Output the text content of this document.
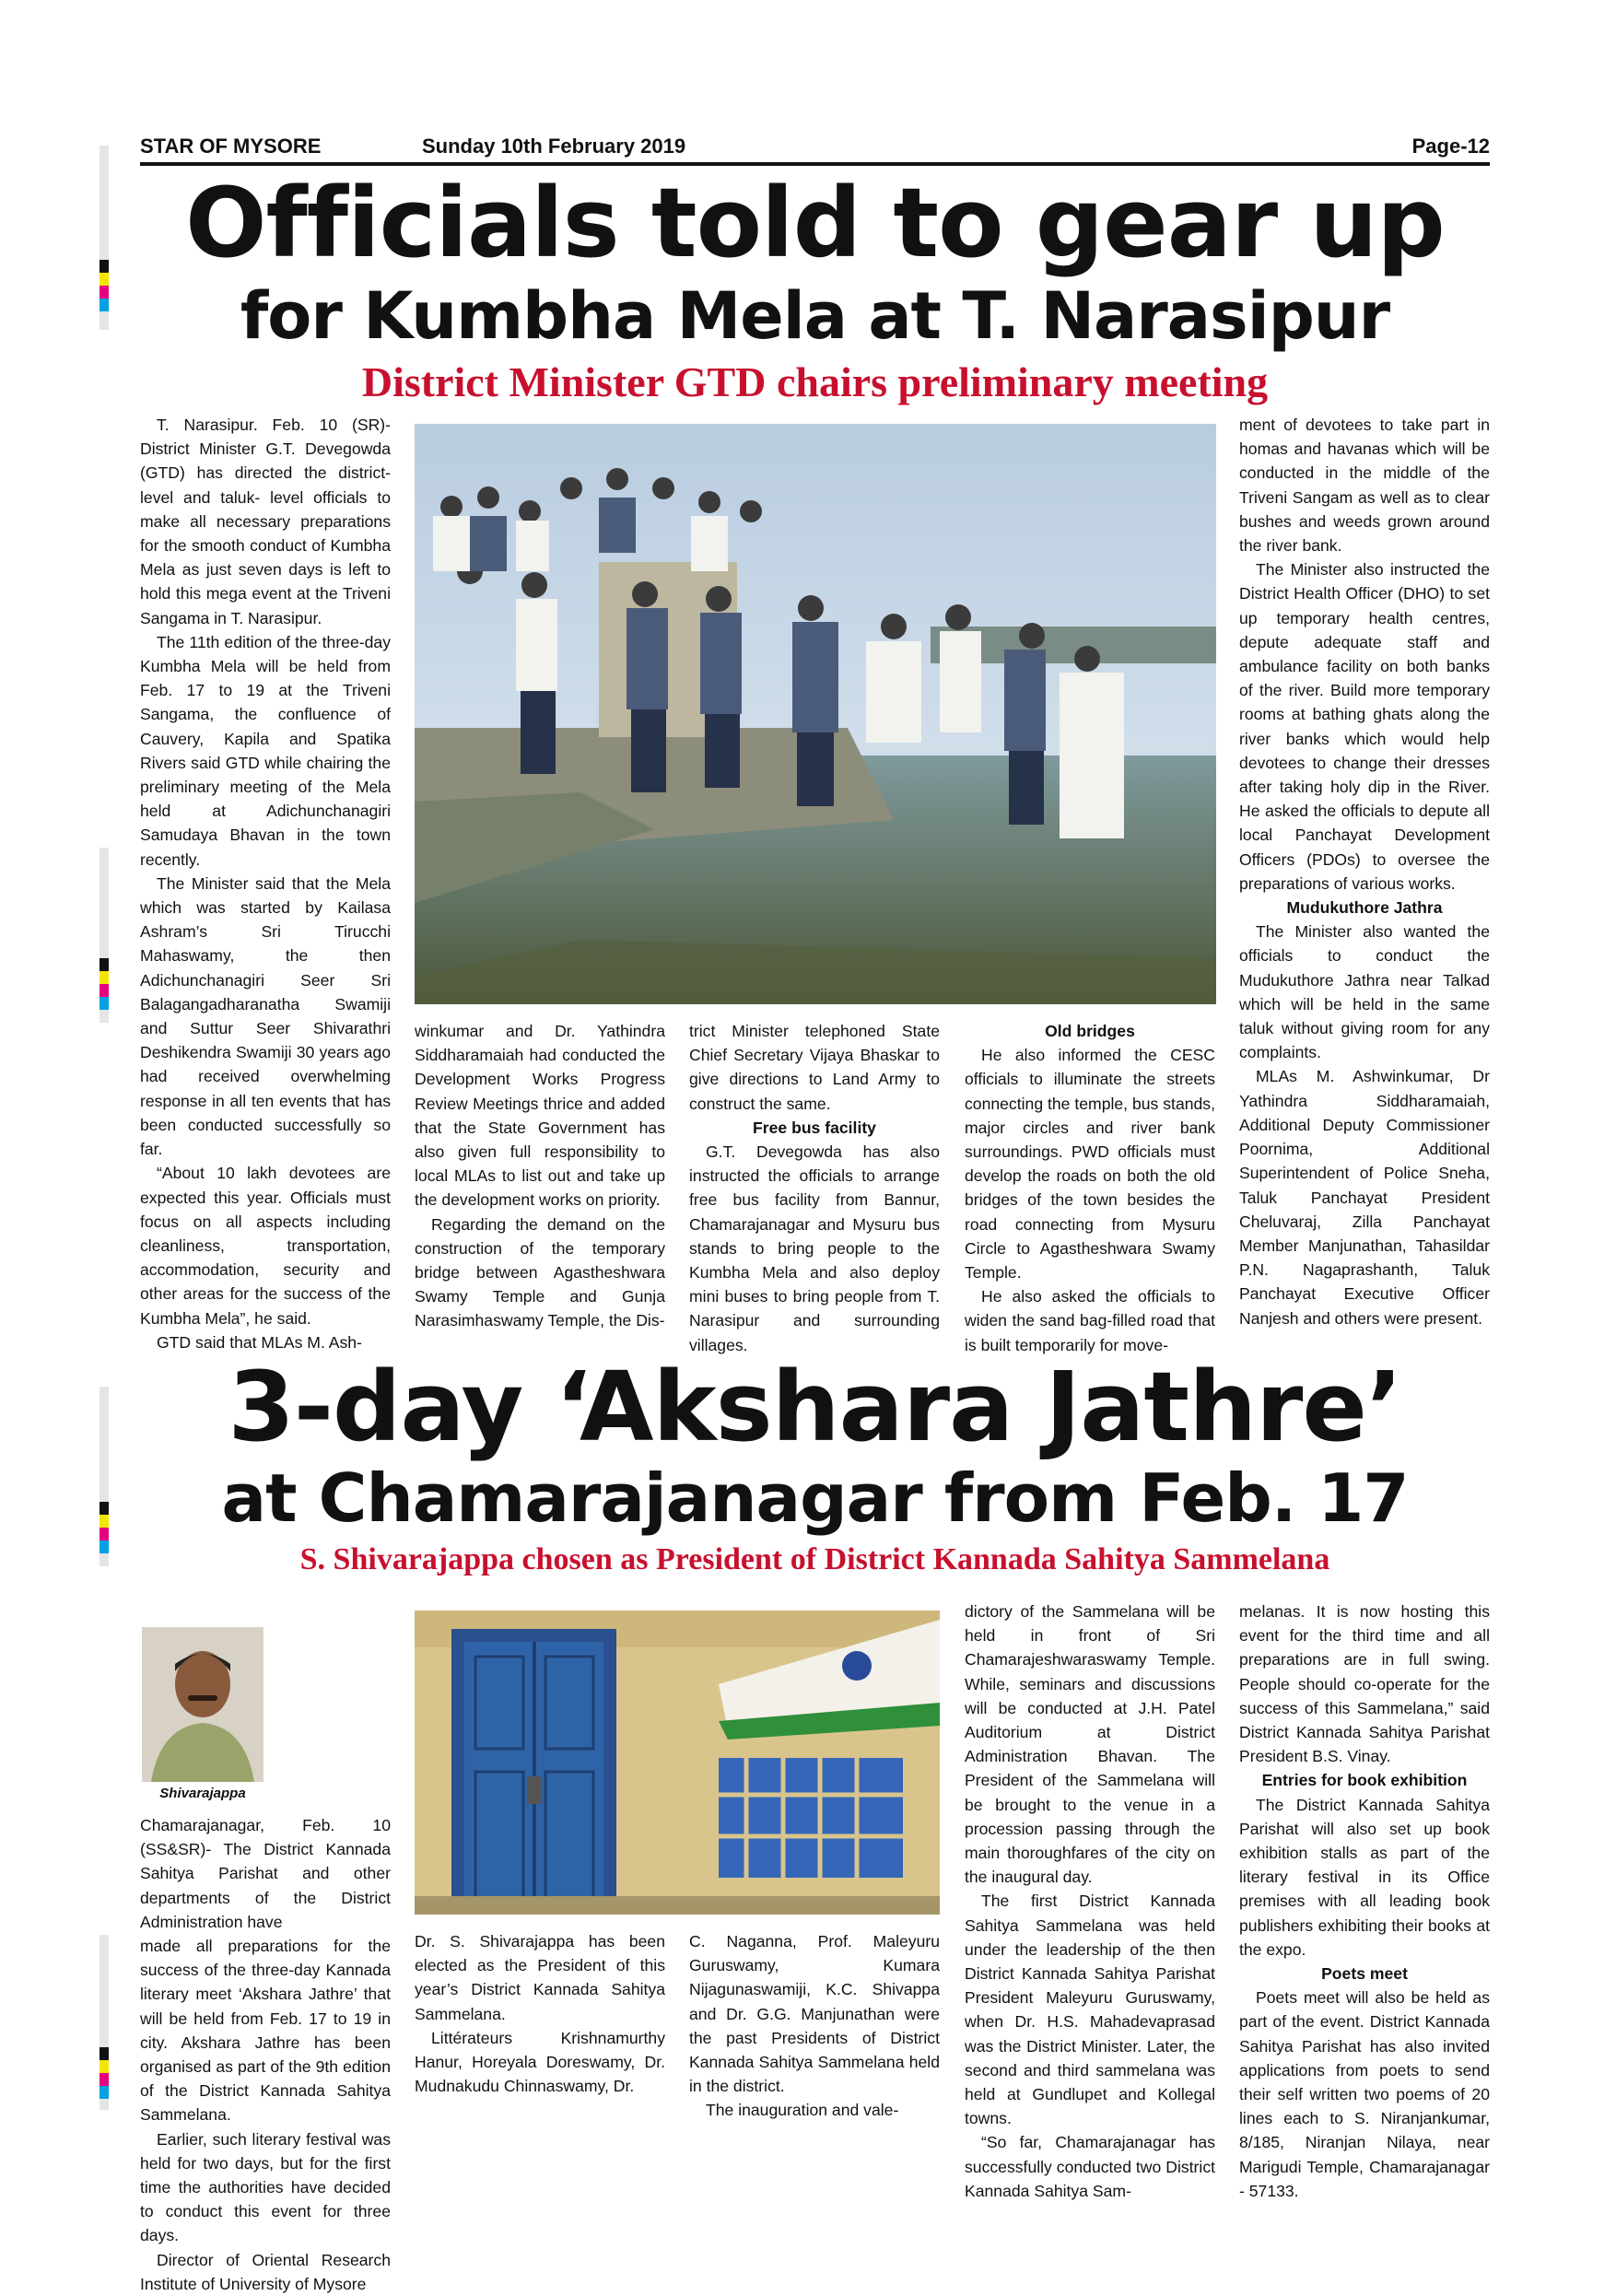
STAR OF MYSORE	Sunday 10th February 2019	Page-12
Officials told to gear up
for Kumbha Mela at T. Narasipur
District Minister GTD chairs preliminary meeting

T. Narasipur. Feb. 10 (SR)- District Minister G.T. Devegowda (GTD) has directed the district-level and taluk- level officials to make all necessary preparations for the smooth conduct of Kumbha Mela as just seven days is left to hold this mega event at the Triveni Sangama in T. Narasipur.

The 11th edition of the three-day Kumbha Mela will be held from Feb. 17 to 19 at the Triveni Sangama, the confluence of Cauvery, Kapila and Spatika Rivers said GTD while chairing the preliminary meeting of the Mela held at Adichunchanagiri Samudaya Bhavan in the town recently.

The Minister said that the Mela which was started by Kailasa Ashram’s Sri Tirucchi Mahaswamy, the then Adichunchanagiri Seer Sri Balagangadharanatha Swamiji and Suttur Seer Shivarathri Deshikendra Swamiji 30 years ago had received overwhelming response in all ten events that has been conducted successfully so far.

“About 10 lakh devotees are expected this year. Officials must focus on all aspects including cleanliness, transportation, accommodation, security and other areas for the success of the Kumbha Mela”, he said.

GTD said that MLAs M. Ash-

winkumar and Dr. Yathindra Siddharamaiah had conducted the Development Works Progress Review Meetings thrice and added that the State Government has also given full responsibility to local MLAs to list out and take up the development works on priority.

Regarding the demand on the construction of the temporary bridge between Agastheshwara Swamy Temple and Gunja Narasimhaswamy Temple, the Dis-

trict Minister telephoned State Chief Secretary Vijaya Bhaskar to give directions to Land Army to construct the same.

Free bus facility

G.T. Devegowda has also instructed the officials to arrange free bus facility from Bannur, Chamarajanagar and Mysuru bus stands to bring people to the Kumbha Mela and also deploy mini buses to bring people from T. Narasipur and surrounding villages.

Old bridges

He also informed the CESC officials to illuminate the streets connecting the temple, bus stands, major circles and river bank surroundings. PWD officials must develop the roads on both the old bridges of the town besides the road connecting from Mysuru Circle to Agastheshwara Swamy Temple.

He also asked the officials to widen the sand bag-filled road that is built temporarily for move-

ment of devotees to take part in homas and havanas which will be conducted in the middle of the Triveni Sangam as well as to clear bushes and weeds grown around the river bank.

The Minister also instructed the District Health Officer (DHO) to set up temporary health centres, depute adequate staff and ambulance facility on both banks of the river. Build more temporary rooms at bathing ghats along the river banks which would help devotees to change their dresses after taking holy dip in the River. He asked the officials to depute all local Panchayat Development Officers (PDOs) to oversee the preparations of various works.

Mudukuthore Jathra

The Minister also wanted the officials to conduct the Mudukuthore Jathra near Talkad which will be held in the same taluk without giving room for any complaints.

MLAs M. Ashwinkumar, Dr Yathindra Siddharamaiah, Additional Deputy Commissioner Poornima, Additional Superintendent of Police Sneha, Taluk Panchayat President Cheluvaraj, Zilla Panchayat Member Manjunathan, Tahasildar P.N. Nagaprashanth, Taluk Panchayat Executive Officer Nanjesh and others were present.

3-day ‘Akshara Jathre’
at Chamarajanagar from Feb. 17
S. Shivarajappa chosen as President of District Kannada Sahitya Sammelana
Shivarajappa

Chamarajanagar, Feb. 10 (SS&SR)- The District Kannada Sahitya Parishat and other departments of the District Administration have

made all preparations for the success of the three-day Kannada literary meet ‘Akshara Jathre’ that will be held from Feb. 17 to 19 in city. Akshara Jathre has been organised as part of the 9th edition of the District Kannada Sahitya Sammelana.

Earlier, such literary festival was held for two days, but for the first time the authorities have decided to conduct this event for three days.

Director of Oriental Research Institute of University of Mysore

Dr. S. Shivarajappa has been elected as the President of this year’s District Kannada Sahitya Sammelana.

Littérateurs Krishnamurthy Hanur, Horeyala Doreswamy, Dr. Mudnakudu Chinnaswamy, Dr.

C. Naganna, Prof. Maleyuru Guruswamy, Kumara Nijagunaswamiji, K.C. Shivappa and Dr. G.G. Manjunathan were the past Presidents of District Kannada Sahitya Sammelana held in the district.

The inauguration and vale-

dictory of the Sammelana will be held in front of Sri Chamarajeshwaraswamy Temple. While, seminars and discussions will be conducted at J.H. Patel Auditorium at District Administration Bhavan. The President of the Sammelana will be brought to the venue in a procession passing through the main thoroughfares of the city on the inaugural day.

The first District Kannada Sahitya Sammelana was held under the leadership of the then District Kannada Sahitya Parishat President Maleyuru Guruswamy, when Dr. H.S. Mahadevaprasad was the District Minister. Later, the second and third sammelana was held at Gundlupet and Kollegal towns.

“So far, Chamarajanagar has successfully conducted two District Kannada Sahitya Sam-

melanas. It is now hosting this event for the third time and all preparations are in full swing. People should co-operate for the success of this Sammelana,” said District Kannada Sahitya Parishat President B.S. Vinay.

Entries for book exhibition

The District Kannada Sahitya Parishat will also set up book exhibition stalls as part of the literary festival in its Office premises with all leading book publishers exhibiting their books at the expo.

Poets meet

Poets meet will also be held as part of the event. District Kannada Sahitya Parishat has also invited applications from poets to send their self written two poems of 20 lines each to S. Niranjankumar, 8/185, Niranjan Nilaya, near Marigudi Temple, Chamarajanagar - 57133.
